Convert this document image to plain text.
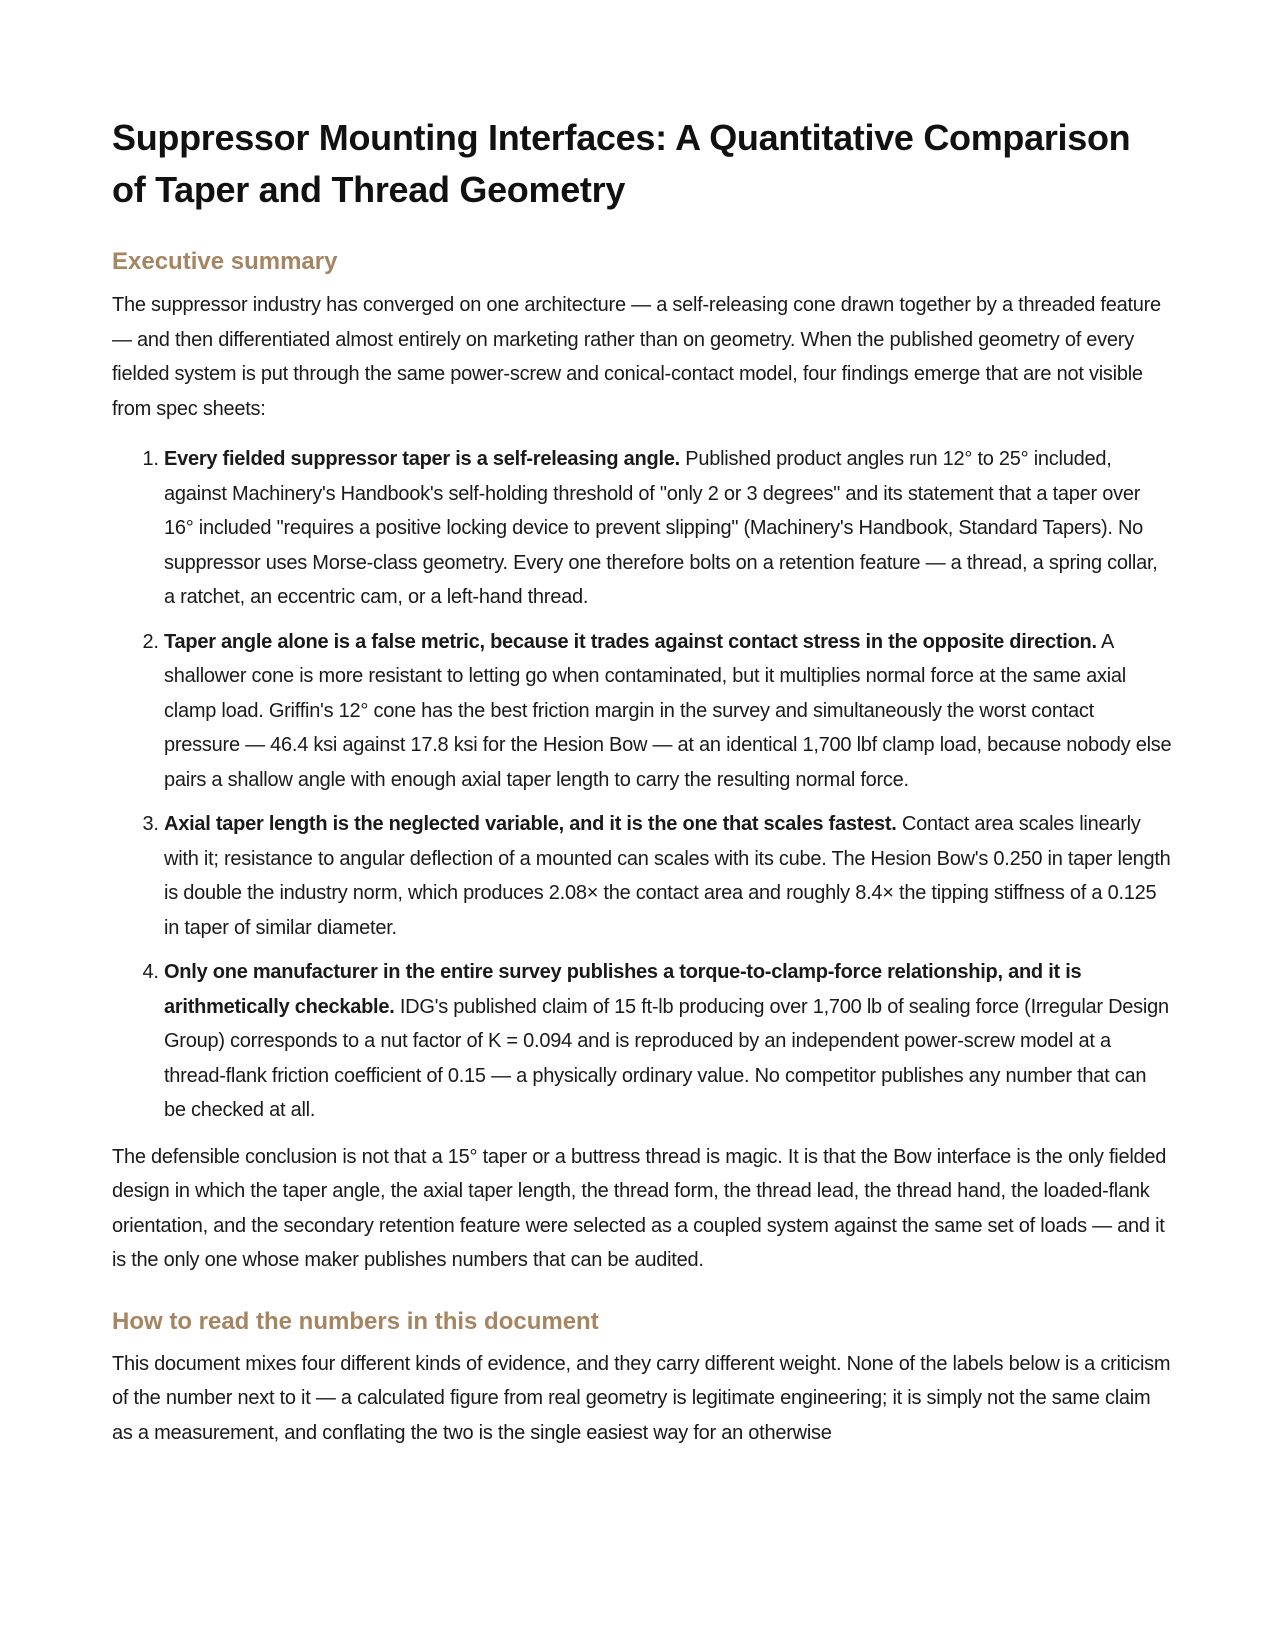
Suppressor Mounting Interfaces: A Quantitative Comparison of Taper and Thread Geometry
Executive summary

The suppressor industry has converged on one architecture — a self-releasing cone drawn together by a threaded feature — and then differentiated almost entirely on marketing rather than on geometry. When the published geometry of every fielded system is put through the same power-screw and conical-contact model, four findings emerge that are not visible from spec sheets:

1. Every fielded suppressor taper is a self-releasing angle. Published product angles run 12° to 25° included, against Machinery's Handbook's self-holding threshold of "only 2 or 3 degrees" and its statement that a taper over 16° included "requires a positive locking device to prevent slipping" (Machinery's Handbook, Standard Tapers). No suppressor uses Morse-class geometry. Every one therefore bolts on a retention feature — a thread, a spring collar, a ratchet, an eccentric cam, or a left-hand thread.
2. Taper angle alone is a false metric, because it trades against contact stress in the opposite direction. A shallower cone is more resistant to letting go when contaminated, but it multiplies normal force at the same axial clamp load. Griffin's 12° cone has the best friction margin in the survey and simultaneously the worst contact pressure — 46.4 ksi against 17.8 ksi for the Hesion Bow — at an identical 1,700 lbf clamp load, because nobody else pairs a shallow angle with enough axial taper length to carry the resulting normal force.
3. Axial taper length is the neglected variable, and it is the one that scales fastest. Contact area scales linearly with it; resistance to angular deflection of a mounted can scales with its cube. The Hesion Bow's 0.250 in taper length is double the industry norm, which produces 2.08× the contact area and roughly 8.4× the tipping stiffness of a 0.125 in taper of similar diameter.
4. Only one manufacturer in the entire survey publishes a torque-to-clamp-force relationship, and it is arithmetically checkable. IDG's published claim of 15 ft-lb producing over 1,700 lb of sealing force (Irregular Design Group) corresponds to a nut factor of K = 0.094 and is reproduced by an independent power-screw model at a thread-flank friction coefficient of 0.15 — a physically ordinary value. No competitor publishes any number that can be checked at all.

The defensible conclusion is not that a 15° taper or a buttress thread is magic. It is that the Bow interface is the only fielded design in which the taper angle, the axial taper length, the thread form, the thread lead, the thread hand, the loaded-flank orientation, and the secondary retention feature were selected as a coupled system against the same set of loads — and it is the only one whose maker publishes numbers that can be audited.

How to read the numbers in this document

This document mixes four different kinds of evidence, and they carry different weight. None of the labels below is a criticism of the number next to it — a calculated figure from real geometry is legitimate engineering; it is simply not the same claim as a measurement, and conflating the two is the single easiest way for an otherwise
